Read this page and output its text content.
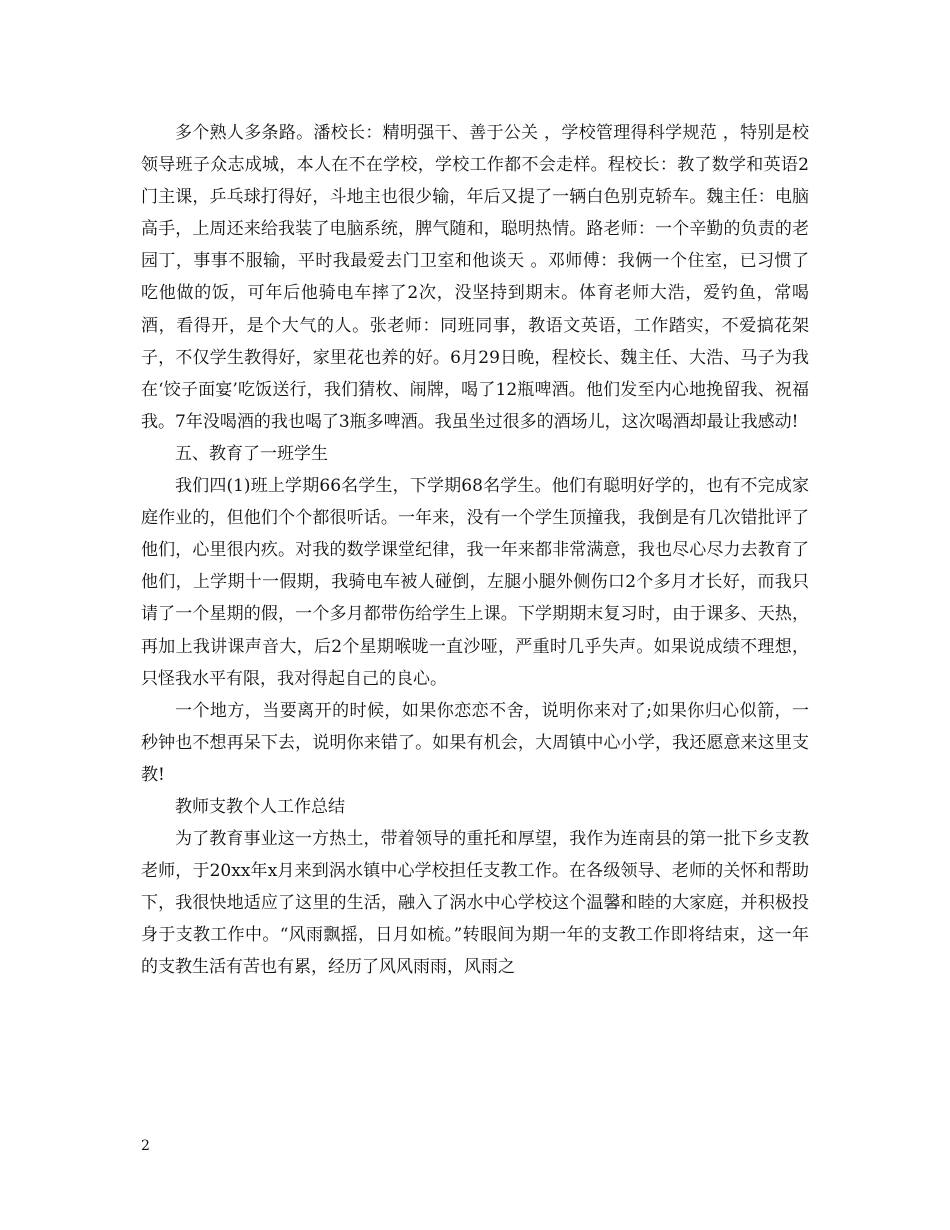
多个熟人多条路。潘校长：精明强干、善于公关 ，学校管理得科学规范 ，特别是校领导班子众志成城，本人在不在学校，学校工作都不会走样。程校长：教了数学和英语2门主课，乒乓球打得好，斗地主也很少输，年后又提了一辆白色别克轿车。魏主任：电脑高手，上周还来给我装了电脑系统，脾气随和，聪明热情。路老师：一个辛勤的负责的老园丁，事事不服输，平时我最爱去门卫室和他谈天 。邓师傅：我俩一个住室，已习惯了吃他做的饭，可年后他骑电车摔了2次，没坚持到期末。体育老师大浩，爱钓鱼，常喝酒，看得开，是个大气的人。张老师：同班同事，教语文英语，工作踏实，不爱搞花架子，不仅学生教得好，家里花也养的好。6月29日晚，程校长、魏主任、大浩、马子为我在‘饺子面宴’吃饭送行，我们猜枚、闹牌，喝了12瓶啤酒。他们发至内心地挽留我、祝福我。7年没喝酒的我也喝了3瓶多啤酒。我虽坐过很多的酒场儿，这次喝酒却最让我感动!

五、教育了一班学生

我们四(1)班上学期66名学生，下学期68名学生。他们有聪明好学的，也有不完成家庭作业的，但他们个个都很听话。一年来，没有一个学生顶撞我，我倒是有几次错批评了他们，心里很内疚。对我的数学课堂纪律，我一年来都非常满意，我也尽心尽力去教育了他们，上学期十一假期，我骑电车被人碰倒，左腿小腿外侧伤口2个多月才长好，而我只请了一个星期的假，一个多月都带伤给学生上课。下学期期末复习时，由于课多、天热，再加上我讲课声音大，后2个星期喉咙一直沙哑，严重时几乎失声。如果说成绩不理想，只怪我水平有限，我对得起自己的良心。

一个地方，当要离开的时候，如果你恋恋不舍，说明你来对了;如果你归心似箭，一秒钟也不想再呆下去，说明你来错了。如果有机会，大周镇中心小学，我还愿意来这里支教!

教师支教个人工作总结

为了教育事业这一方热土，带着领导的重托和厚望，我作为连南县的第一批下乡支教老师，于20xx年x月来到涡水镇中心学校担任支教工作。在各级领导、老师的关怀和帮助下，我很快地适应了这里的生活，融入了涡水中心学校这个温馨和睦的大家庭，并积极投身于支教工作中。“风雨飘摇，日月如梳。”转眼间为期一年的支教工作即将结束，这一年的支教生活有苦也有累，经历了风风雨雨，风雨之

2
